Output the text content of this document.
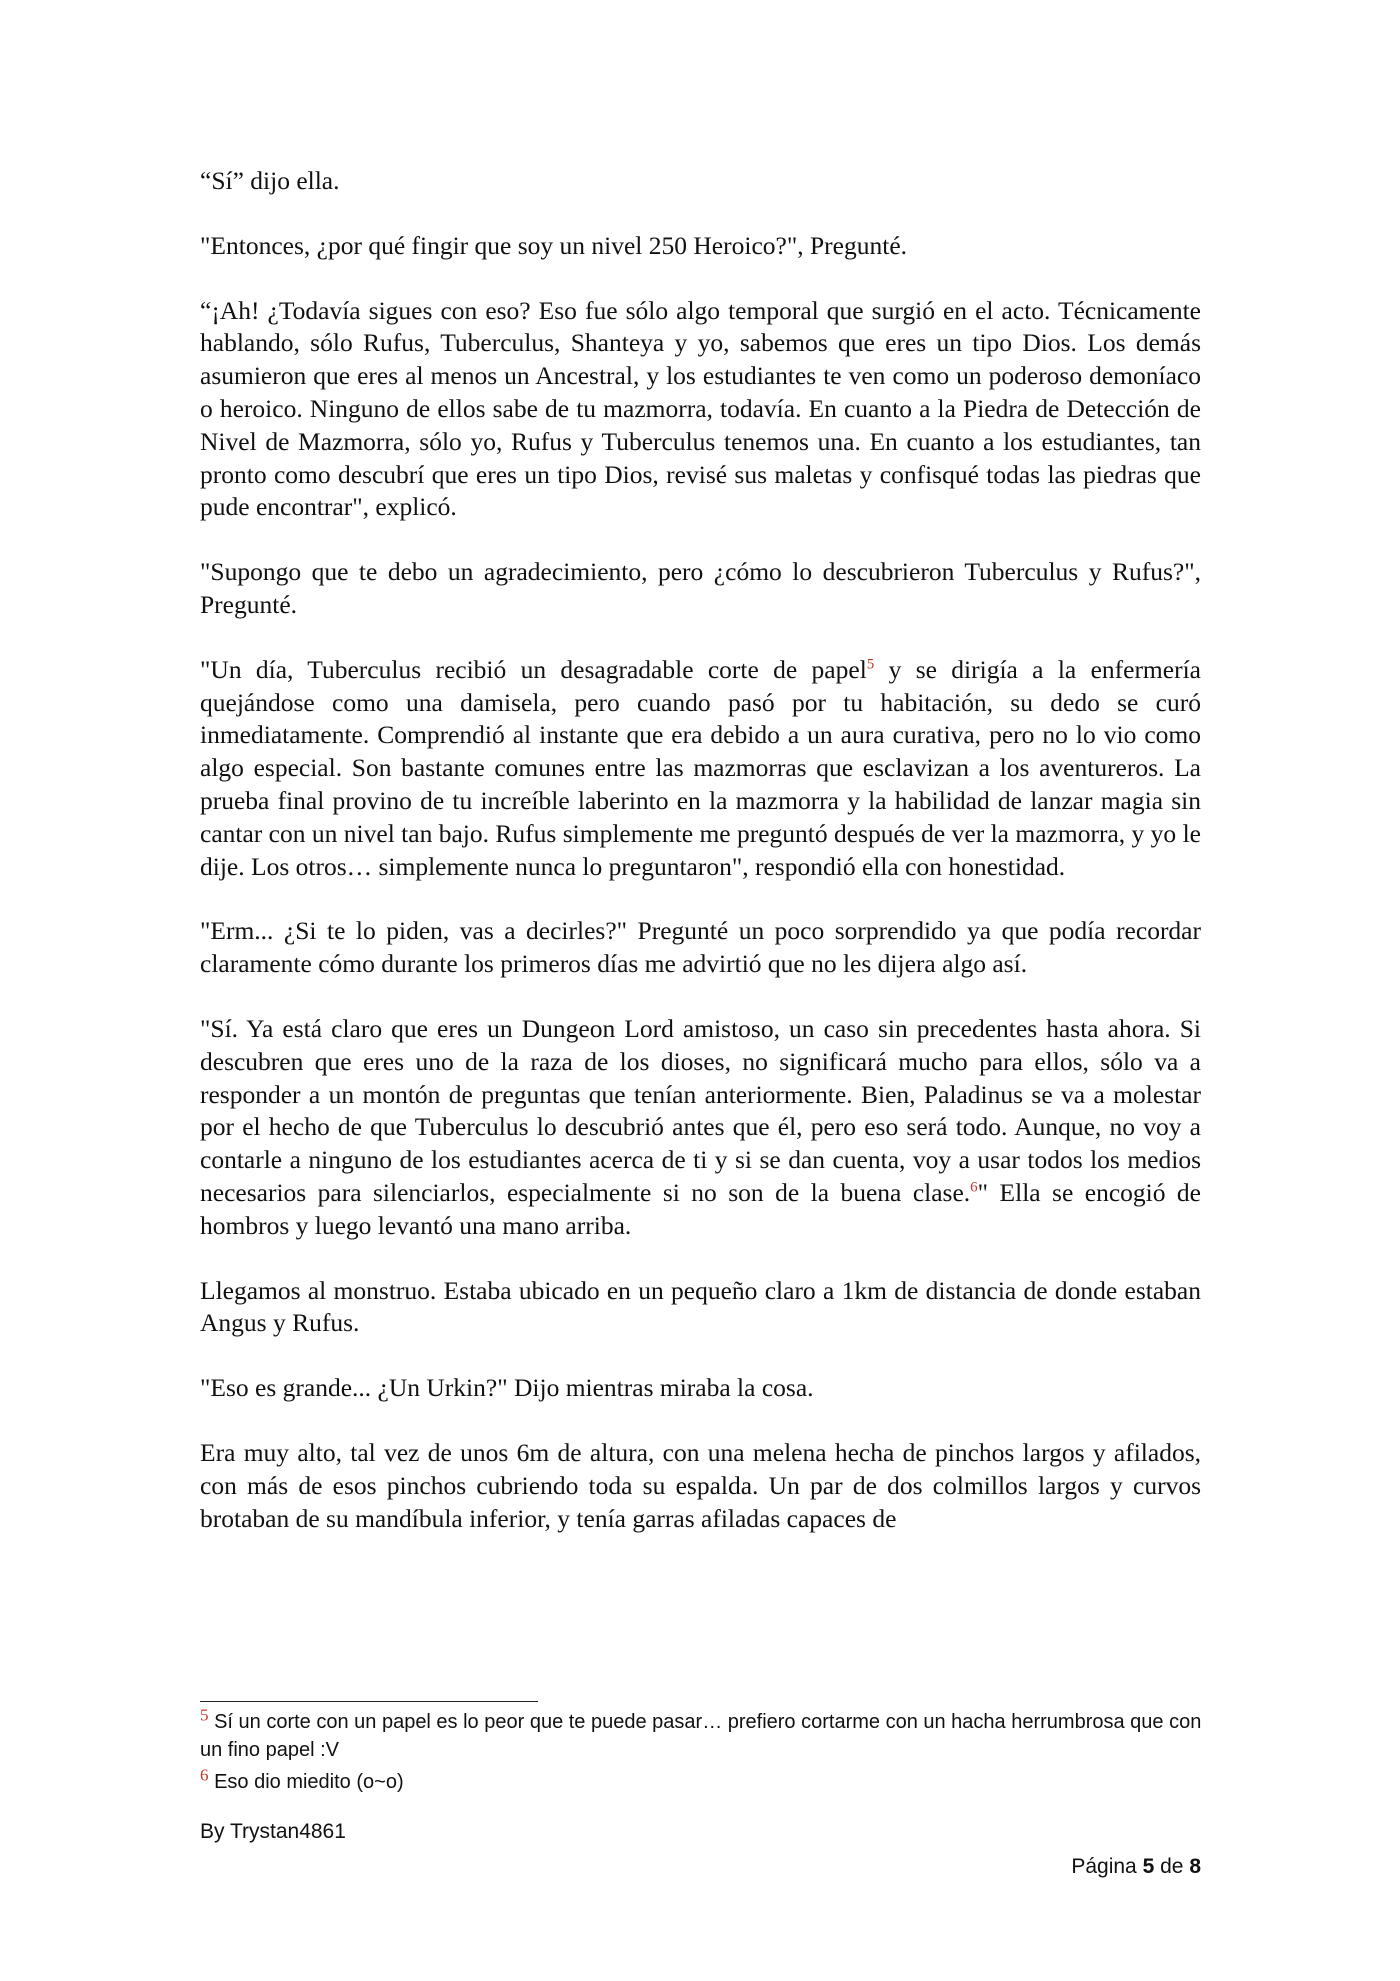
“Sí” dijo ella.

"Entonces, ¿por qué fingir que soy un nivel 250 Heroico?", Pregunté.

“¡Ah! ¿Todavía sigues con eso? Eso fue sólo algo temporal que surgió en el acto. Técnicamente hablando, sólo Rufus, Tuberculus, Shanteya y yo, sabemos que eres un tipo Dios. Los demás asumieron que eres al menos un Ancestral, y los estudiantes te ven como un poderoso demoníaco o heroico. Ninguno de ellos sabe de tu mazmorra, todavía. En cuanto a la Piedra de Detección de Nivel de Mazmorra, sólo yo, Rufus y Tuberculus tenemos una. En cuanto a los estudiantes, tan pronto como descubrí que eres un tipo Dios, revisé sus maletas y confisqué todas las piedras que pude encontrar", explicó.

"Supongo que te debo un agradecimiento, pero ¿cómo lo descubrieron Tuberculus y Rufus?", Pregunté.

"Un día, Tuberculus recibió un desagradable corte de papel$^5$ y se dirigía a la enfermería quejándose como una damisela, pero cuando pasó por tu habitación, su dedo se curó inmediatamente. Comprendió al instante que era debido a un aura curativa, pero no lo vio como algo especial. Son bastante comunes entre las mazmorras que esclavizan a los aventureros. La prueba final provino de tu increíble laberinto en la mazmorra y la habilidad de lanzar magia sin cantar con un nivel tan bajo. Rufus simplemente me preguntó después de ver la mazmorra, y yo le dije. Los otros… simplemente nunca lo preguntaron", respondió ella con honestidad.

"Erm... ¿Si te lo piden, vas a decirles?" Pregunté un poco sorprendido ya que podía recordar claramente cómo durante los primeros días me advirtió que no les dijera algo así.

"Sí. Ya está claro que eres un Dungeon Lord amistoso, un caso sin precedentes hasta ahora. Si descubren que eres uno de la raza de los dioses, no significará mucho para ellos, sólo va a responder a un montón de preguntas que tenían anteriormente. Bien, Paladinus se va a molestar por el hecho de que Tuberculus lo descubrió antes que él, pero eso será todo. Aunque, no voy a contarle a ninguno de los estudiantes acerca de ti y si se dan cuenta, voy a usar todos los medios necesarios para silenciarlos, especialmente si no son de la buena clase.$^6$" Ella se encogió de hombros y luego levantó una mano arriba.

Llegamos al monstruo. Estaba ubicado en un pequeño claro a 1km de distancia de donde estaban Angus y Rufus.

"Eso es grande... ¿Un Urkin?" Dijo mientras miraba la cosa.

Era muy alto, tal vez de unos 6m de altura, con una melena hecha de pinchos largos y afilados, con más de esos pinchos cubriendo toda su espalda. Un par de dos colmillos largos y curvos brotaban de su mandíbula inferior, y tenía garras afiladas capaces de

$^5$ Sí un corte con un papel es lo peor que te puede pasar… prefiero cortarme con un hacha herrumbrosa que con un fino papel :V
$^6$ Eso dio miedito (o~o)
By Trystan4861
Página 5 de 8
